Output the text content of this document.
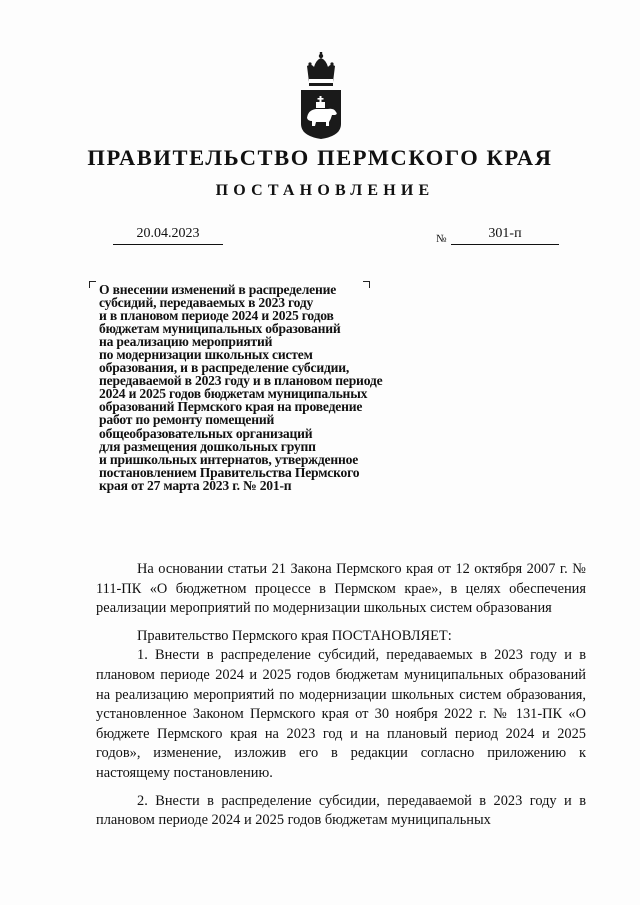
ПРАВИТЕЛЬСТВО ПЕРМСКОГО КРАЯ
ПОСТАНОВЛЕНИЕ
20.04.2023	№	301-п
О внесении изменений в распределение
субсидий, передаваемых в 2023 году
и в плановом периоде 2024 и 2025 годов
бюджетам муниципальных образований
на реализацию мероприятий
по модернизации школьных систем
образования, и в распределение субсидии,
передаваемой в 2023 году и в плановом периоде
2024 и 2025 годов бюджетам муниципальных
образований Пермского края на проведение
работ по ремонту помещений
общеобразовательных организаций
для размещения дошкольных групп
и пришкольных интернатов, утвержденное
постановлением Правительства Пермского
края от 27 марта 2023 г. № 201-п

На основании статьи 21 Закона Пермского края от 12 октября 2007 г. № 111-ПК «О бюджетном процессе в Пермском крае», в целях обеспечения реализации мероприятий по модернизации школьных систем образования

Правительство Пермского края ПОСТАНОВЛЯЕТ:

1. Внести в распределение субсидий, передаваемых в 2023 году и в плановом периоде 2024 и 2025 годов бюджетам муниципальных образований на реализацию мероприятий по модернизации школьных систем образования, установленное Законом Пермского края от 30 ноября 2022 г. № 131-ПК «О бюджете Пермского края на 2023 год и на плановый период 2024 и 2025 годов», изменение, изложив его в редакции согласно приложению к настоящему постановлению.

2. Внести в распределение субсидии, передаваемой в 2023 году и в плановом периоде 2024 и 2025 годов бюджетам муниципальных
